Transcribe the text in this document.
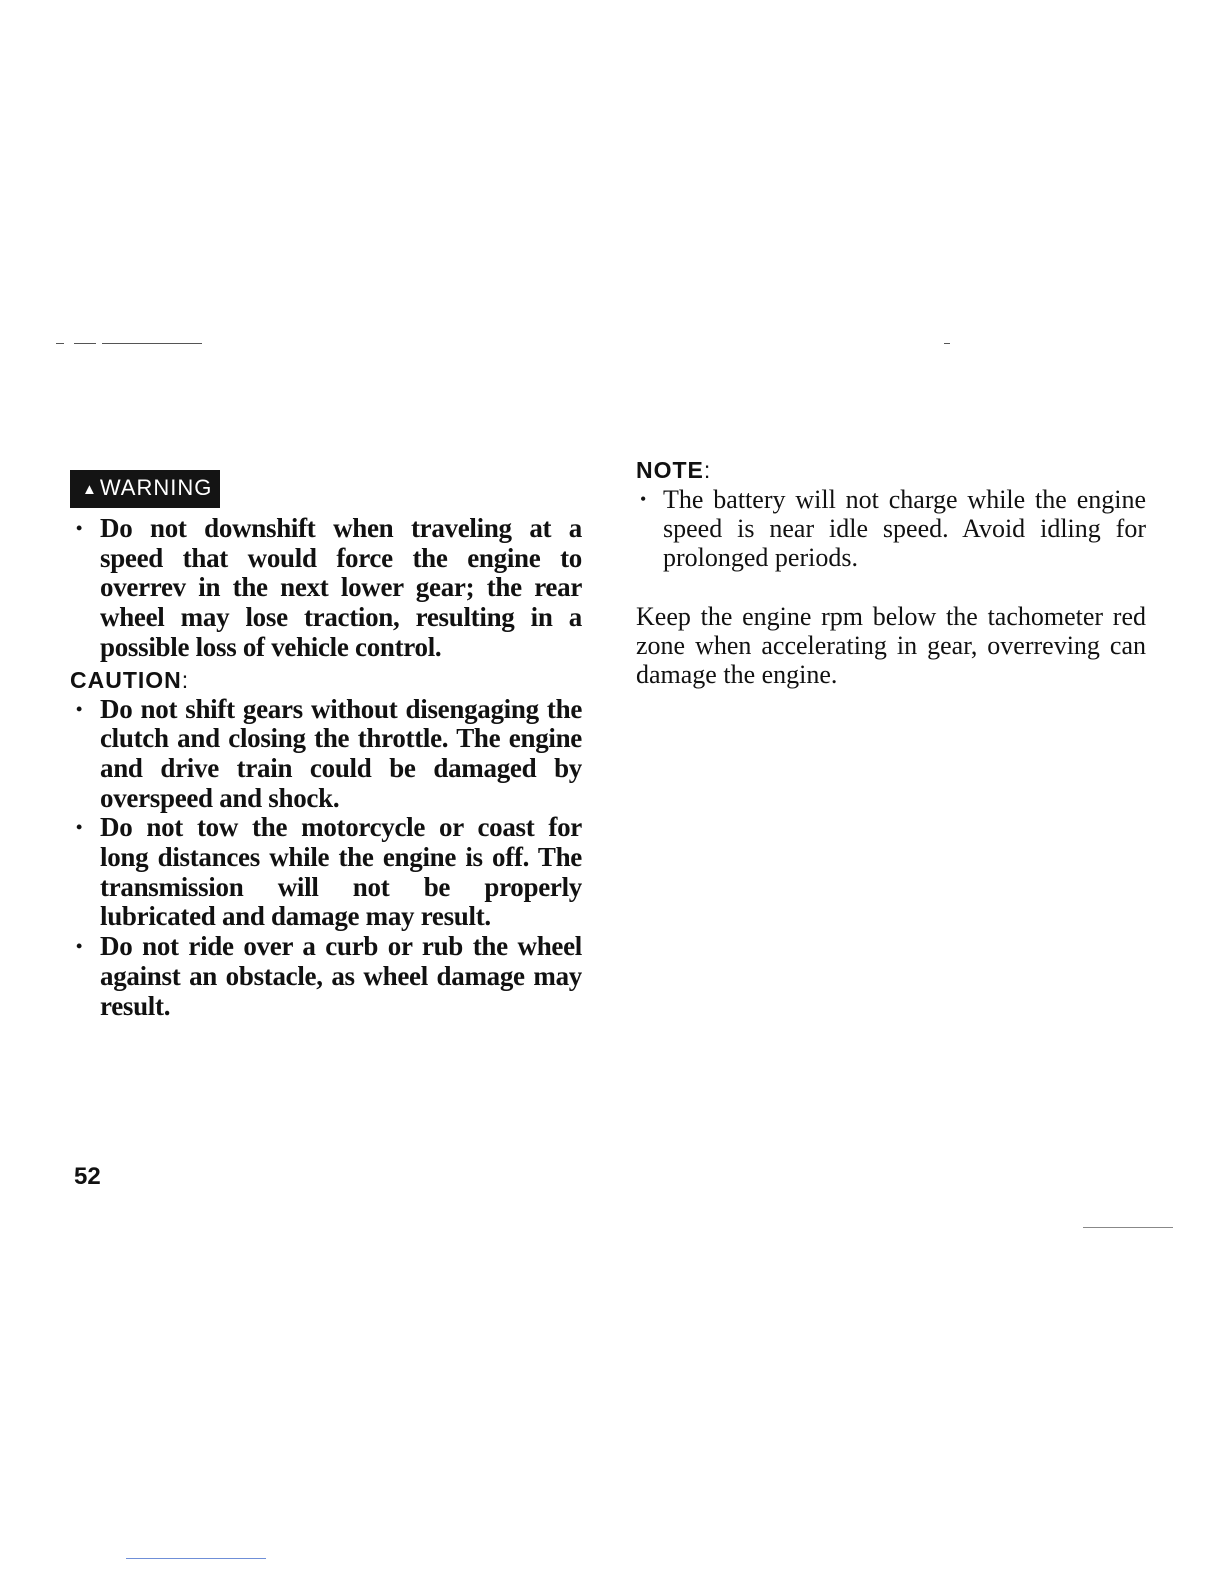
▲WARNING
• Do not downshift when traveling at a speed that would force the engine to overrev in the next lower gear; the rear wheel may lose traction, resulting in a possible loss of vehicle control.
CAUTION:
• Do not shift gears without disengaging the clutch and closing the throttle. The engine and drive train could be damaged by overspeed and shock.
• Do not tow the motorcycle or coast for long distances while the engine is off. The transmission will not be properly lubricated and damage may result.
• Do not ride over a curb or rub the wheel against an obstacle, as wheel damage may result.
NOTE:
• The battery will not charge while the engine speed is near idle speed. Avoid idling for prolonged periods.

Keep the engine rpm below the tachometer red zone when accelerating in gear, overreving can damage the engine.

52
